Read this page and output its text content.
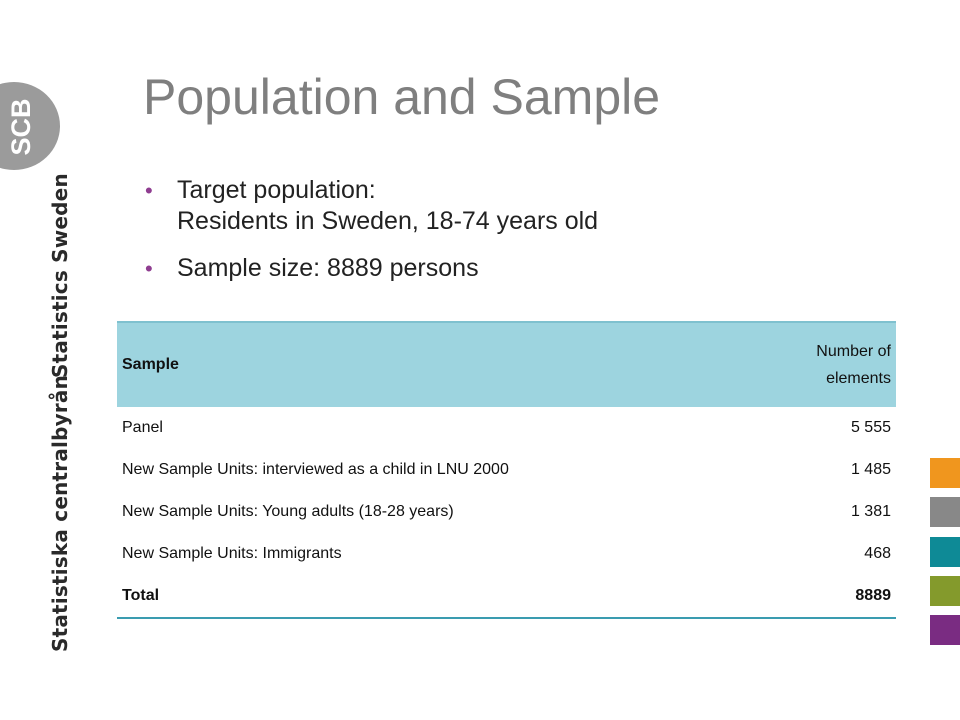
SCB
Statistics Sweden
Statistiska centralbyrån
Population and Sample
• Target population:
Residents in Sweden, 18-74 years old
• Sample size: 8889 persons
Sample	Number of
elements

Panel	5 555
New Sample Units: interviewed as a child in LNU 2000	1 485
New Sample Units: Young adults (18-28 years)	1 381
New Sample Units: Immigrants	468
Total	8889
